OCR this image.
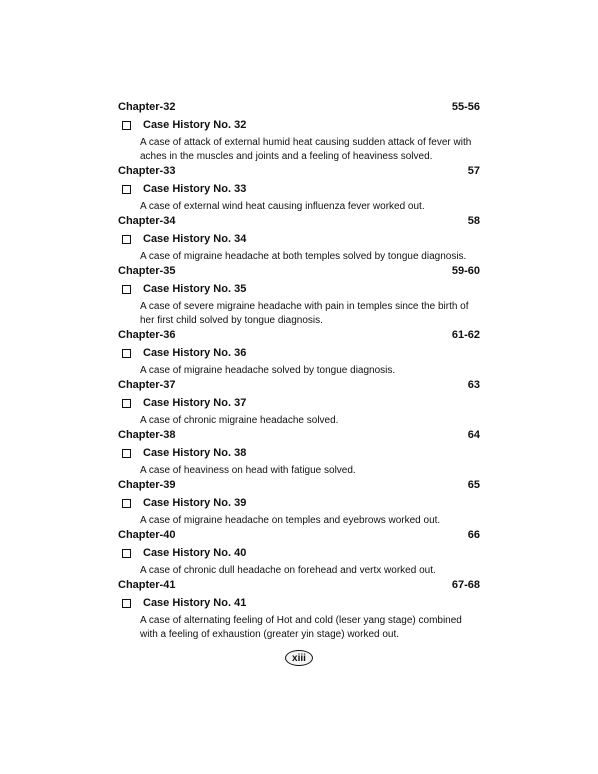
Chapter-32	55-56
Case History No. 32
A case of attack of external humid heat causing sudden attack of fever with aches in the muscles and joints and a feeling of heaviness solved.
Chapter-33	57
Case History No. 33
A case of external wind heat causing influenza fever worked out.
Chapter-34	58
Case History No. 34
A case of migraine headache at both temples solved by tongue diagnosis.
Chapter-35	59-60
Case History No. 35
A case of severe migraine headache with pain in temples since the birth of her first child solved by tongue diagnosis.
Chapter-36	61-62
Case History No. 36
A case of migraine headache solved by tongue diagnosis.
Chapter-37	63
Case History No. 37
A case of chronic migraine headache solved.
Chapter-38	64
Case History No. 38
A case of heaviness on head with fatigue solved.
Chapter-39	65
Case History No. 39
A case of migraine headache on temples and eyebrows worked out.
Chapter-40	66
Case History No. 40
A case of chronic dull headache on forehead and vertx worked out.
Chapter-41	67-68
Case History No. 41
A case of alternating feeling of Hot and cold (leser yang stage) combined with a feeling of exhaustion (greater yin stage) worked out.
xiii
